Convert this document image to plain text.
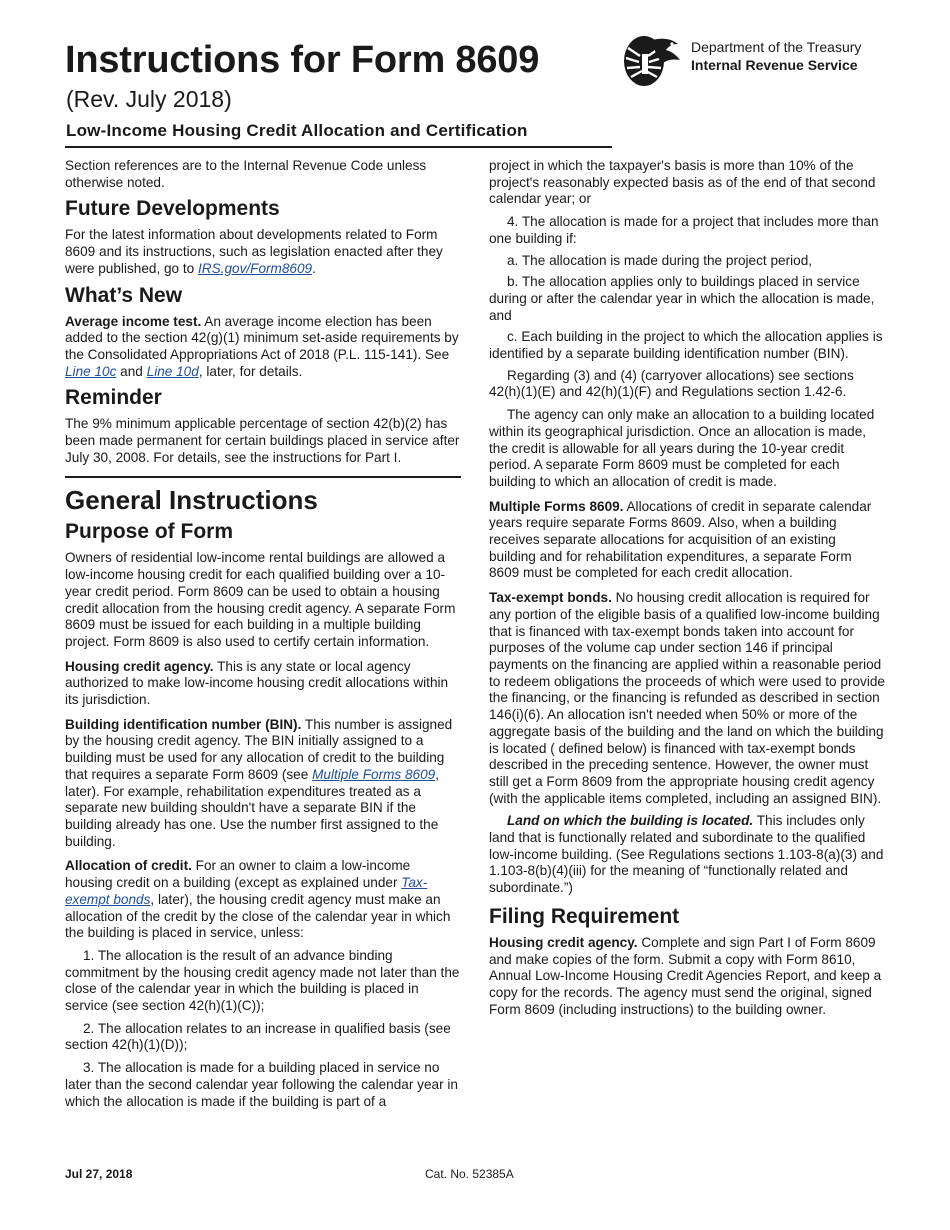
Instructions for Form 8609
(Rev. July 2018)
Low-Income Housing Credit Allocation and Certification
Department of the Treasury
Internal Revenue Service

Section references are to the Internal Revenue Code unless otherwise noted.

Future Developments

For the latest information about developments related to Form 8609 and its instructions, such as legislation enacted after they were published, go to IRS.gov/Form8609.

What’s New

Average income test. An average income election has been added to the section 42(g)(1) minimum set-aside requirements by the Consolidated Appropriations Act of 2018 (P.L. 115-141). See Line 10c and Line 10d, later, for details.

Reminder

The 9% minimum applicable percentage of section 42(b)(2) has been made permanent for certain buildings placed in service after July 30, 2008. For details, see the instructions for Part I.

General Instructions
Purpose of Form

Owners of residential low-income rental buildings are allowed a low-income housing credit for each qualified building over a 10-year credit period. Form 8609 can be used to obtain a housing credit allocation from the housing credit agency. A separate Form 8609 must be issued for each building in a multiple building project. Form 8609 is also used to certify certain information.

Housing credit agency. This is any state or local agency authorized to make low-income housing credit allocations within its jurisdiction.

Building identification number (BIN). This number is assigned by the housing credit agency. The BIN initially assigned to a building must be used for any allocation of credit to the building that requires a separate Form 8609 (see Multiple Forms 8609, later). For example, rehabilitation expenditures treated as a separate new building shouldn't have a separate BIN if the building already has one. Use the number first assigned to the building.

Allocation of credit. For an owner to claim a low-income housing credit on a building (except as explained under Tax-exempt bonds, later), the housing credit agency must make an allocation of the credit by the close of the calendar year in which the building is placed in service, unless:

1. The allocation is the result of an advance binding commitment by the housing credit agency made not later than the close of the calendar year in which the building is placed in service (see section 42(h)(1)(C));

2. The allocation relates to an increase in qualified basis (see section 42(h)(1)(D));

3. The allocation is made for a building placed in service no later than the second calendar year following the calendar year in which the allocation is made if the building is part of a

project in which the taxpayer's basis is more than 10% of the project's reasonably expected basis as of the end of that second calendar year; or

4. The allocation is made for a project that includes more than one building if:

a. The allocation is made during the project period,

b. The allocation applies only to buildings placed in service during or after the calendar year in which the allocation is made, and

c. Each building in the project to which the allocation applies is identified by a separate building identification number (BIN).

Regarding (3) and (4) (carryover allocations) see sections 42(h)(1)(E) and 42(h)(1)(F) and Regulations section 1.42-6.

The agency can only make an allocation to a building located within its geographical jurisdiction. Once an allocation is made, the credit is allowable for all years during the 10-year credit period. A separate Form 8609 must be completed for each building to which an allocation of credit is made.

Multiple Forms 8609. Allocations of credit in separate calendar years require separate Forms 8609. Also, when a building receives separate allocations for acquisition of an existing building and for rehabilitation expenditures, a separate Form 8609 must be completed for each credit allocation.

Tax-exempt bonds. No housing credit allocation is required for any portion of the eligible basis of a qualified low-income building that is financed with tax-exempt bonds taken into account for purposes of the volume cap under section 146 if principal payments on the financing are applied within a reasonable period to redeem obligations the proceeds of which were used to provide the financing, or the financing is refunded as described in section 146(i)(6). An allocation isn't needed when 50% or more of the aggregate basis of the building and the land on which the building is located ( defined below) is financed with tax-exempt bonds described in the preceding sentence. However, the owner must still get a Form 8609 from the appropriate housing credit agency (with the applicable items completed, including an assigned BIN).

Land on which the building is located. This includes only land that is functionally related and subordinate to the qualified low-income building. (See Regulations sections 1.103-8(a)(3) and 1.103-8(b)(4)(iii) for the meaning of “functionally related and subordinate.”)

Filing Requirement

Housing credit agency. Complete and sign Part I of Form 8609 and make copies of the form. Submit a copy with Form 8610, Annual Low-Income Housing Credit Agencies Report, and keep a copy for the records. The agency must send the original, signed Form 8609 (including instructions) to the building owner.

Jul 27, 2018	Cat. No. 52385A
